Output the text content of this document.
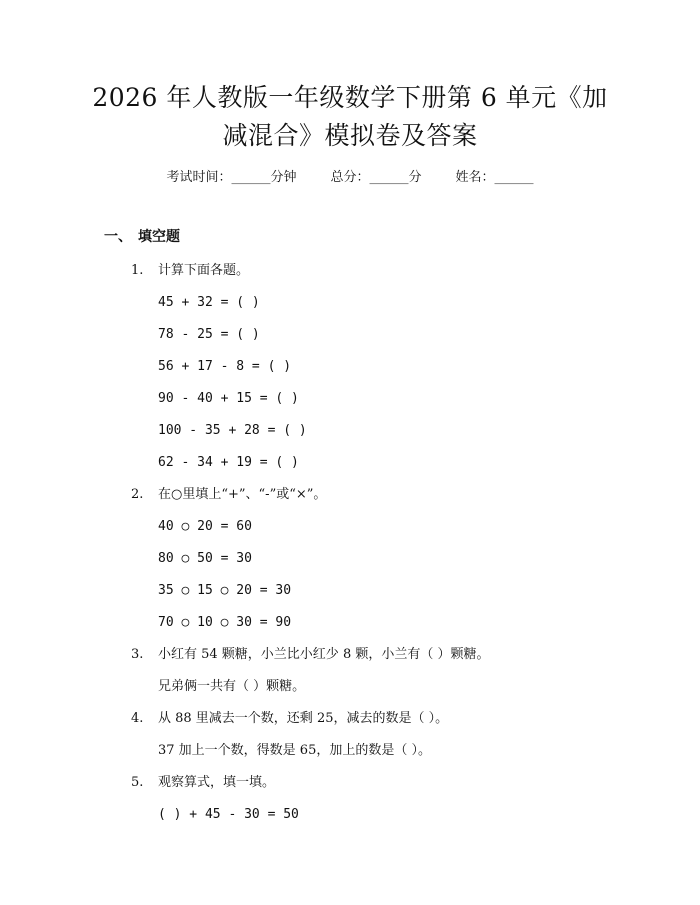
2026 年人教版一年级数学下册第 6 单元《加
减混合》模拟卷及答案
考试时间：______分钟	总分：______分	姓名：______
一、 填空题
1. 计算下面各题。
45 + 32 = ( )
78 - 25 = ( )
56 + 17 - 8 = ( )
90 - 40 + 15 = ( )
100 - 35 + 28 = ( )
62 - 34 + 19 = ( )
2. 在○里填上“+”、“-”或“×”。
40 ○ 20 = 60
80 ○ 50 = 30
35 ○ 15 ○ 20 = 30
70 ○ 10 ○ 30 = 90
3. 小红有 54 颗糖，小兰比小红少 8 颗，小兰有（ ）颗糖。
兄弟俩一共有（ ）颗糖。
4. 从 88 里减去一个数，还剩 25，减去的数是（ ）。
37 加上一个数，得数是 65，加上的数是（ ）。
5. 观察算式，填一填。
( ) + 45 - 30 = 50
